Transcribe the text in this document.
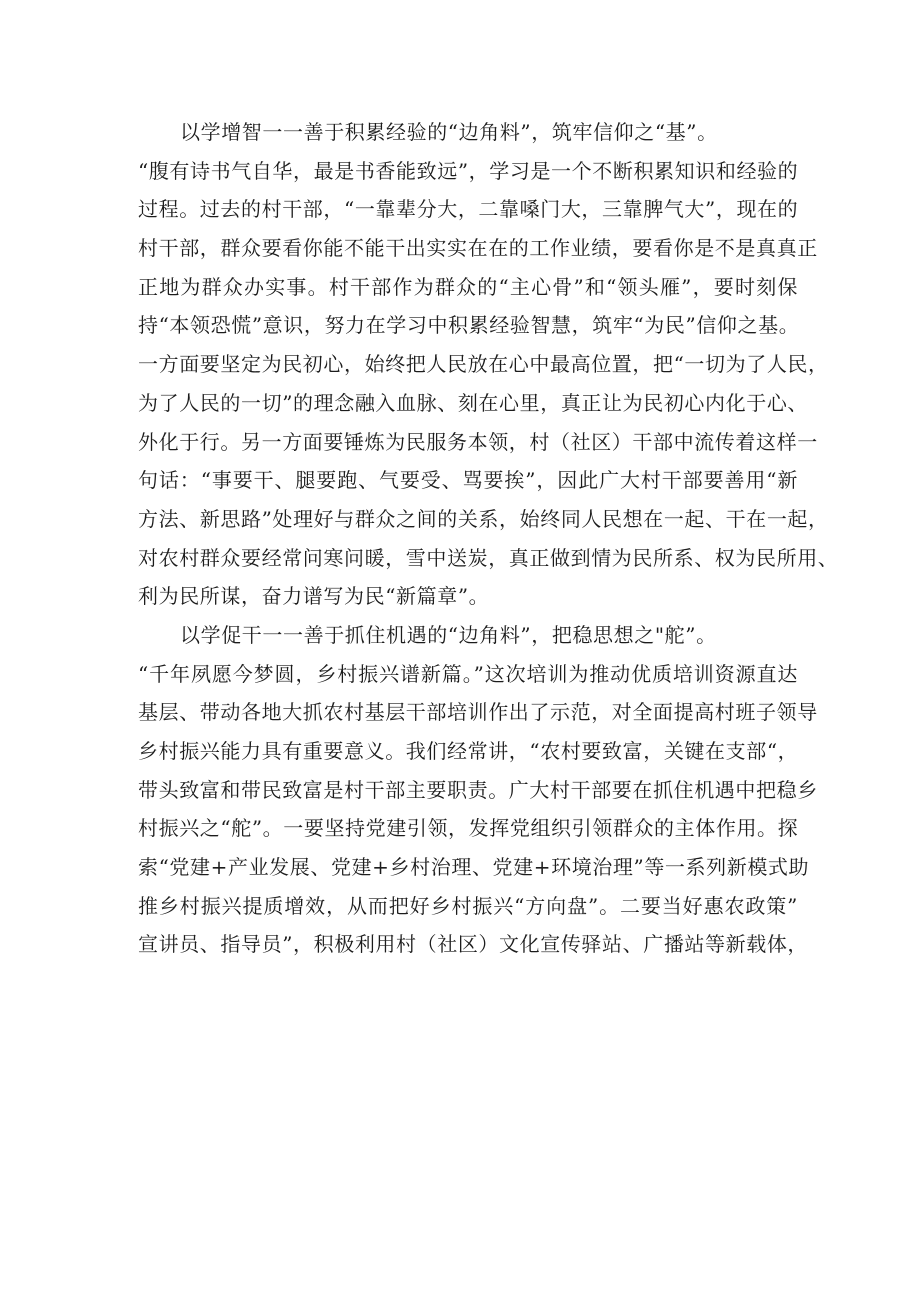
以学增智一一善于积累经验的“边角料”，筑牢信仰之“基”。
“腹有诗书气自华，最是书香能致远”，学习是一个不断积累知识和经验的
过程。过去的村干部，“一靠辈分大，二靠嗓门大，三靠脾气大”，现在的
村干部，群众要看你能不能干出实实在在的工作业绩，要看你是不是真真正
正地为群众办实事。村干部作为群众的“主心骨”和“领头雁”，要时刻保
持“本领恐慌”意识，努力在学习中积累经验智慧，筑牢“为民”信仰之基。
一方面要坚定为民初心，始终把人民放在心中最高位置，把“一切为了人民，
为了人民的一切”的理念融入血脉、刻在心里，真正让为民初心内化于心、
外化于行。另一方面要锤炼为民服务本领，村（社区）干部中流传着这样一
句话：“事要干、腿要跑、气要受、骂要挨”，因此广大村干部要善用“新
方法、新思路”处理好与群众之间的关系，始终同人民想在一起、干在一起，
对农村群众要经常问寒问暖，雪中送炭，真正做到情为民所系、权为民所用、
利为民所谋，奋力谱写为民“新篇章”。
以学促干一一善于抓住机遇的“边角料”，把稳思想之"舵”。
“千年夙愿今梦圆，乡村振兴谱新篇。”这次培训为推动优质培训资源直达
基层、带动各地大抓农村基层干部培训作出了示范，对全面提高村班子领导
乡村振兴能力具有重要意义。我们经常讲，“农村要致富，关键在支部“，
带头致富和带民致富是村干部主要职责。广大村干部要在抓住机遇中把稳乡
村振兴之“舵”。一要坚持党建引领，发挥党组织引领群众的主体作用。探
索“党建+产业发展、党建+乡村治理、党建+环境治理”等一系列新模式助
推乡村振兴提质增效，从而把好乡村振兴“方向盘”。二要当好惠农政策”
宣讲员、指导员”，积极利用村（社区）文化宣传驿站、广播站等新载体，
